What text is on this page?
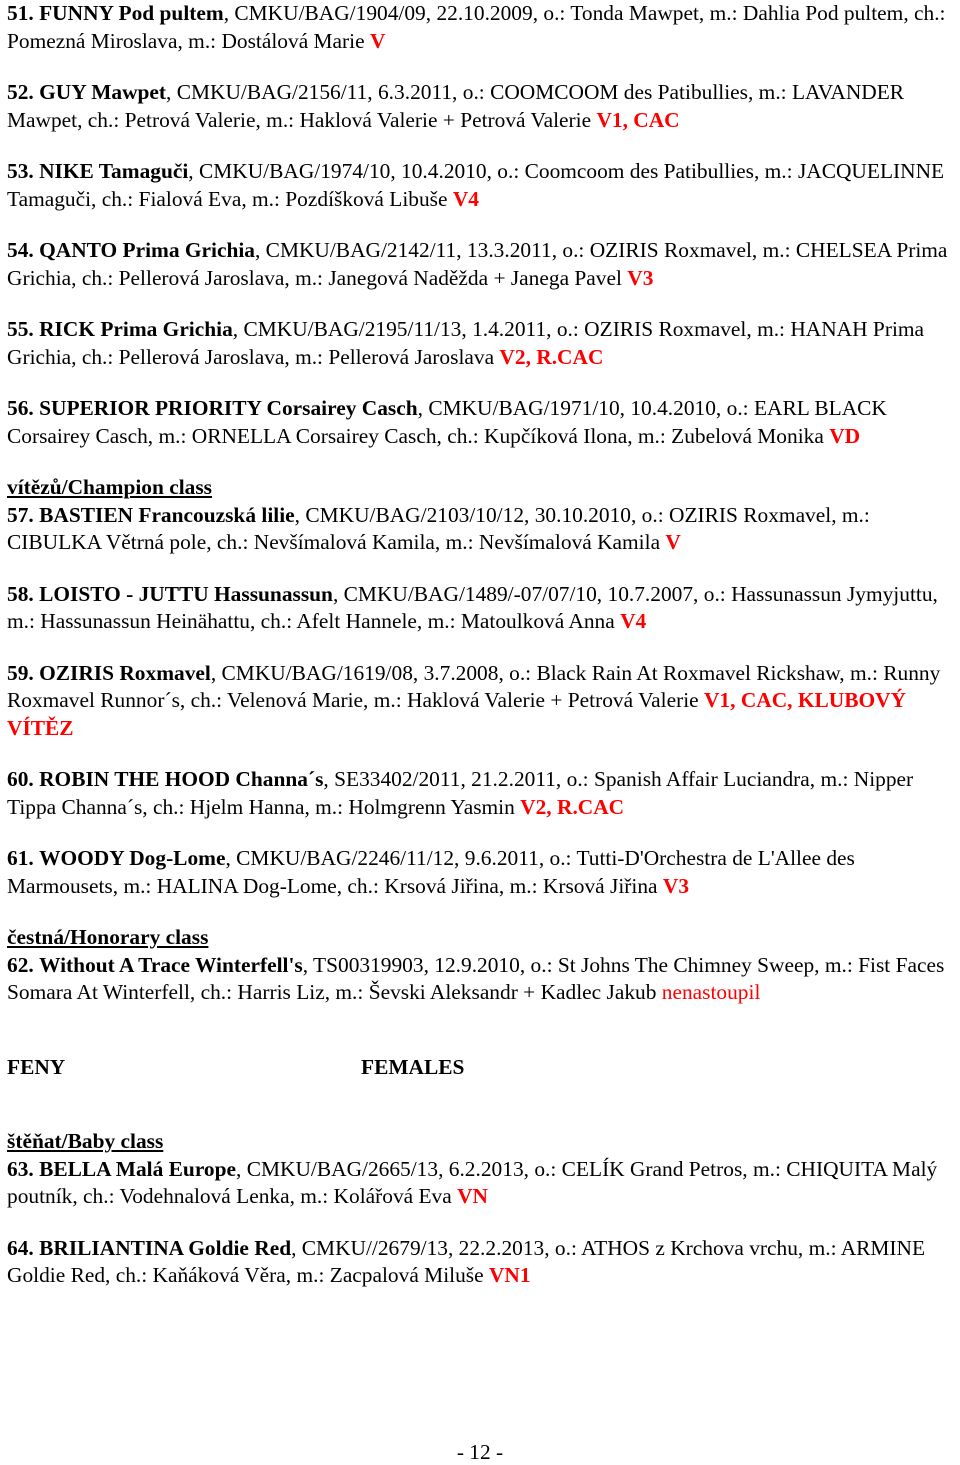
51. FUNNY Pod pultem, CMKU/BAG/1904/09, 22.10.2009, o.: Tonda Mawpet, m.: Dahlia Pod pultem, ch.: Pomezná Miroslava, m.: Dostálová Marie V

52. GUY Mawpet, CMKU/BAG/2156/11, 6.3.2011, o.: COOMCOOM des Patibullies, m.: LAVANDER Mawpet, ch.: Petrová Valerie, m.: Haklová Valerie + Petrová Valerie V1, CAC

53. NIKE Tamaguči, CMKU/BAG/1974/10, 10.4.2010, o.: Coomcoom des Patibullies, m.: JACQUELINNE Tamaguči, ch.: Fialová Eva, m.: Pozdíšková Libuše V4

54. QANTO Prima Grichia, CMKU/BAG/2142/11, 13.3.2011, o.: OZIRIS Roxmavel, m.: CHELSEA Prima Grichia, ch.: Pellerová Jaroslava, m.: Janegová Naděžda + Janega Pavel V3

55. RICK Prima Grichia, CMKU/BAG/2195/11/13, 1.4.2011, o.: OZIRIS Roxmavel, m.: HANAH Prima Grichia, ch.: Pellerová Jaroslava, m.: Pellerová Jaroslava V2, R.CAC

56. SUPERIOR PRIORITY Corsairey Casch, CMKU/BAG/1971/10, 10.4.2010, o.: EARL BLACK Corsairey Casch, m.: ORNELLA Corsairey Casch, ch.: Kupčíková Ilona, m.: Zubelová Monika VD

vítězů/Champion class

57. BASTIEN Francouzská lilie, CMKU/BAG/2103/10/12, 30.10.2010, o.: OZIRIS Roxmavel, m.: CIBULKA Větrná pole, ch.: Nevšímalová Kamila, m.: Nevšímalová Kamila V

58. LOISTO - JUTTU Hassunassun, CMKU/BAG/1489/-07/07/10, 10.7.2007, o.: Hassunassun Jymyjuttu, m.: Hassunassun Heinähattu, ch.: Afelt Hannele, m.: Matoulková Anna V4

59. OZIRIS Roxmavel, CMKU/BAG/1619/08, 3.7.2008, o.: Black Rain At Roxmavel Rickshaw, m.: Runny Roxmavel Runnor´s, ch.: Velenová Marie, m.: Haklová Valerie + Petrová Valerie V1, CAC, KLUBOVÝ VÍTĚZ

60. ROBIN THE HOOD Channa´s, SE33402/2011, 21.2.2011, o.: Spanish Affair Luciandra, m.: Nipper Tippa Channa´s, ch.: Hjelm Hanna, m.: Holmgrenn Yasmin V2, R.CAC

61. WOODY Dog-Lome, CMKU/BAG/2246/11/12, 9.6.2011, o.: Tutti-D'Orchestra de L'Allee des Marmousets, m.: HALINA Dog-Lome, ch.: Krsová Jiřina, m.: Krsová Jiřina V3

čestná/Honorary class

62. Without A Trace Winterfell's, TS00319903, 12.9.2010, o.: St Johns The Chimney Sweep, m.: Fist Faces Somara At Winterfell, ch.: Harris Liz, m.: Ševski Aleksandr + Kadlec Jakub nenastoupil

FENY	FEMALES

štěňat/Baby class

63. BELLA Malá Europe, CMKU/BAG/2665/13, 6.2.2013, o.: CELÍK Grand Petros, m.: CHIQUITA Malý poutník, ch.: Vodehnalová Lenka, m.: Kolářová Eva VN

64. BRILIANTINA Goldie Red, CMKU//2679/13, 22.2.2013, o.: ATHOS z Krchova vrchu, m.: ARMINE Goldie Red, ch.: Kaňáková Věra, m.: Zacpalová Miluše VN1

- 12 -
